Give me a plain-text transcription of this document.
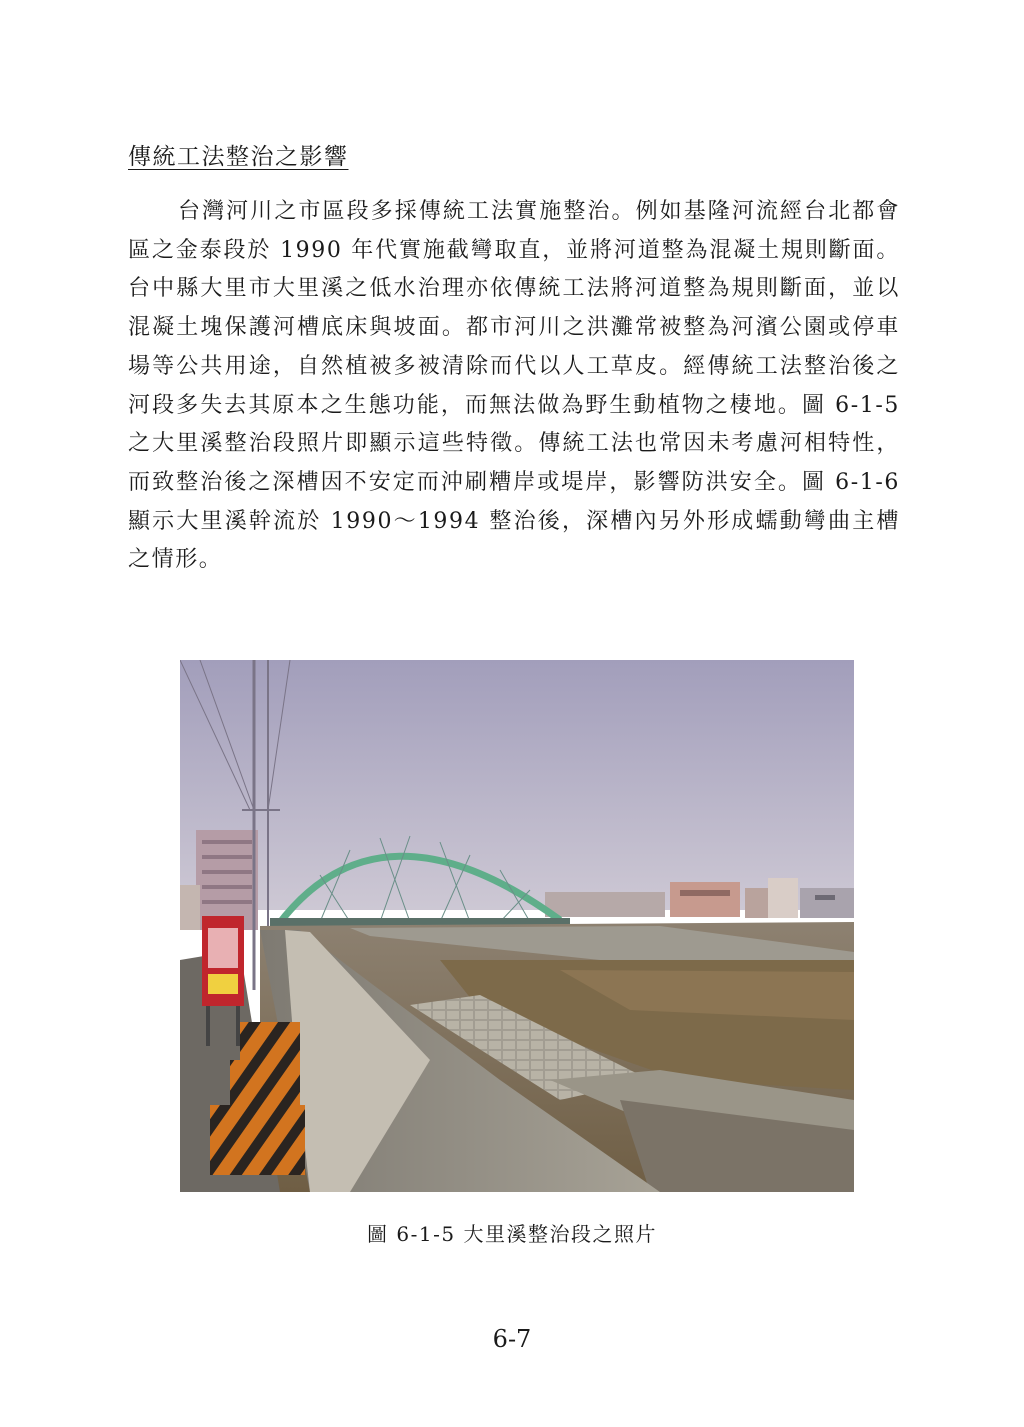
傳統工法整治之影響

台灣河川之市區段多採傳統工法實施整治。例如基隆河流經台北都會區之金泰段於 1990 年代實施截彎取直，並將河道整為混凝土規則斷面。台中縣大里市大里溪之低水治理亦依傳統工法將河道整為規則斷面，並以混凝土塊保護河槽底床與坡面。都市河川之洪灘常被整為河濱公園或停車場等公共用途，自然植被多被清除而代以人工草皮。經傳統工法整治後之河段多失去其原本之生態功能，而無法做為野生動植物之棲地。圖 6-1-5 之大里溪整治段照片即顯示這些特徵。傳統工法也常因未考慮河相特性，而致整治後之深槽因不安定而沖刷糟岸或堤岸，影響防洪安全。圖 6-1-6 顯示大里溪幹流於 1990～1994 整治後，深槽內另外形成蠕動彎曲主槽之情形。

圖 6-1-5 大里溪整治段之照片

6-7
